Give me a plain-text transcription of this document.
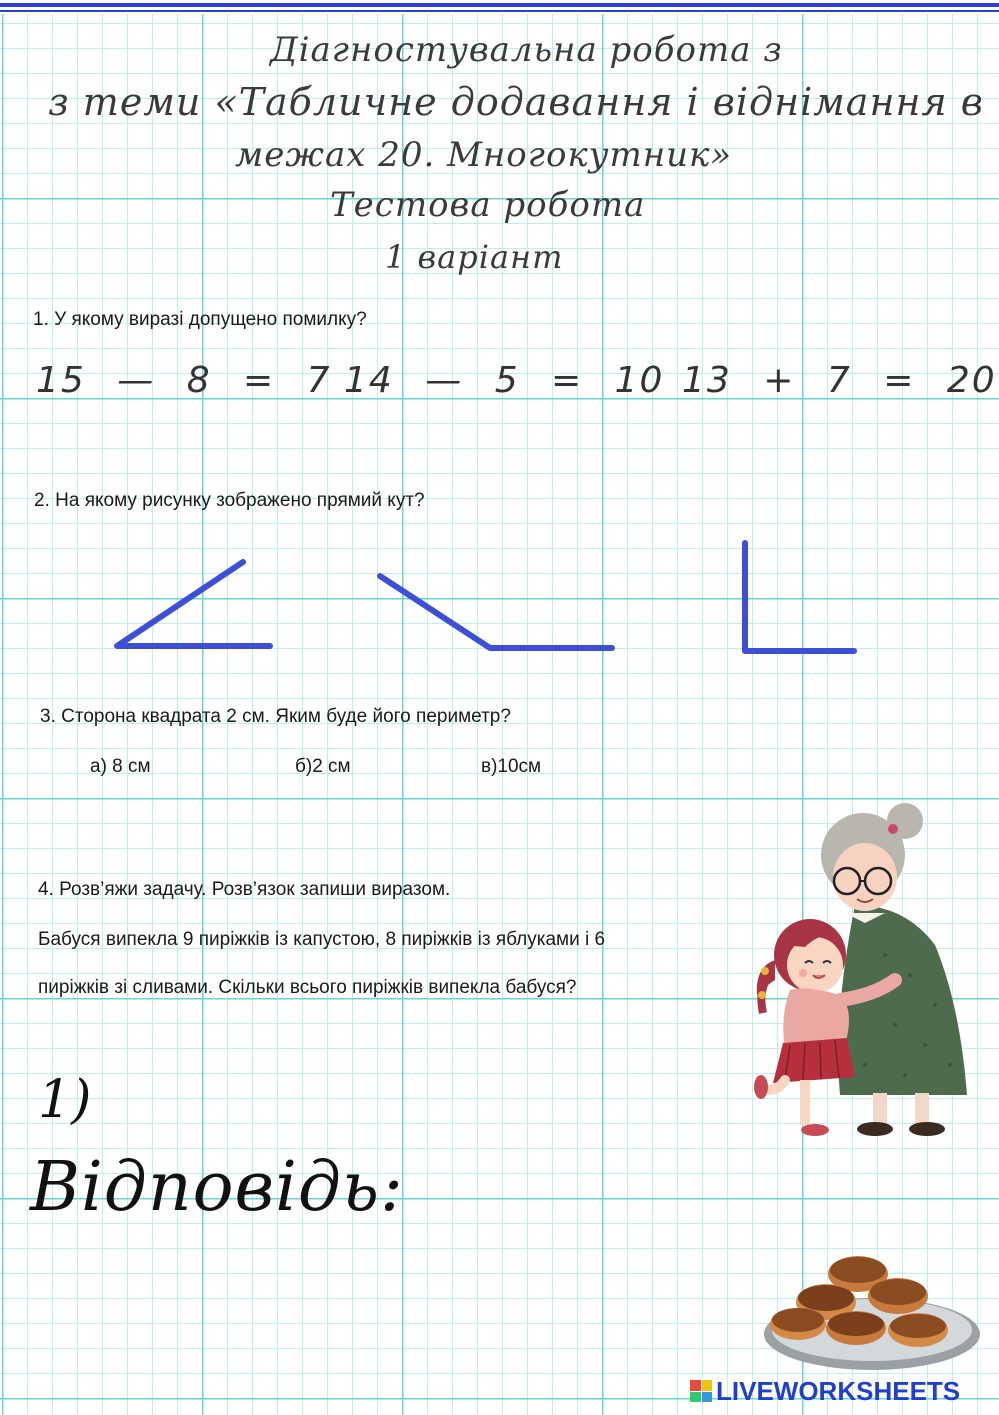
Діагностувальна робота з
з теми «Табличне додавання і віднімання в
межах 20. Многокутник»
Тестова робота
1 варіант
1. У якому виразі допущено помилку?
15 — 8 = 7 14 — 5 = 10 13 + 7 = 20
2. На якому рисунку зображено прямий кут?
3. Сторона квадрата 2 см. Яким буде його периметр?
а) 8 см	б)2 см	в)10см
4. Розв’яжи задачу. Розв’язок запиши виразом.
Бабуся випекла 9 пиріжків із капустою, 8 пиріжків із яблуками і 6
пиріжків зі сливами. Скільки всього пиріжків випекла бабуся?
1)
Відповідь:
LIVEWORKSHEETS
